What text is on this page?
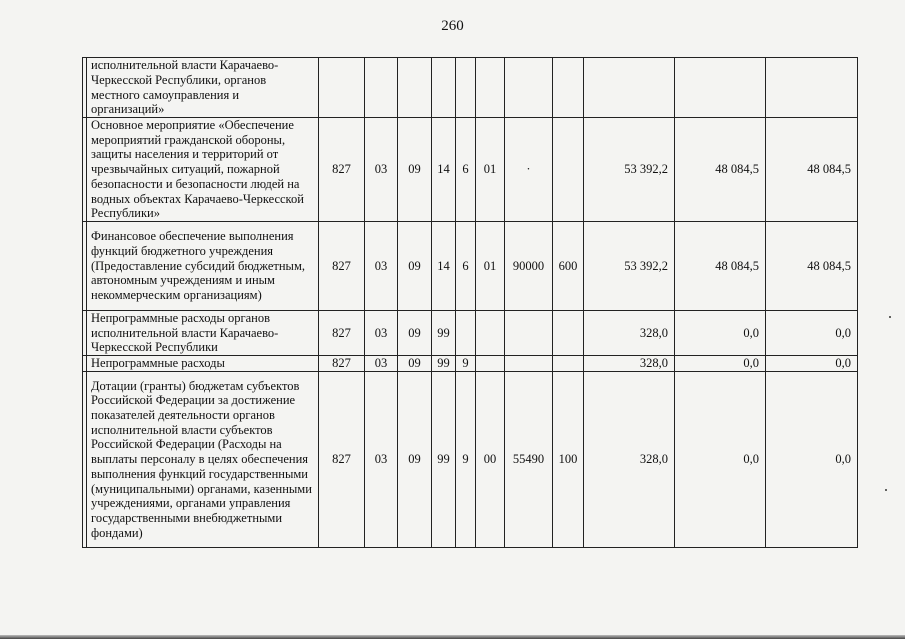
260
	исполнительной власти Карачаево-Черкесской Республики, органов местного самоуправления и организаций»											
	Основное мероприятие «Обеспечение мероприятий гражданской обороны, защиты населения и территорий от чрезвычайных ситуаций, пожарной безопасности и безопасности людей на водных объектах Карачаево-Черкесской Республики»	827	03	09	14	6	01	·		53 392,2	48 084,5	48 084,5
	Финансовое обеспечение выполнения функций бюджетного учреждения (Предоставление субсидий бюджетным, автономным учреждениям и иным некоммерческим организациям)	827	03	09	14	6	01	90000	600	53 392,2	48 084,5	48 084,5
	Непрограммные расходы органов исполнительной власти Карачаево-Черкесской Республики	827	03	09	99					328,0	0,0	0,0
	Непрограммные расходы	827	03	09	99	9				328,0	0,0	0,0
	Дотации (гранты) бюджетам субъектов Российской Федерации за достижение показателей деятельности органов исполнительной власти субъектов Российской Федерации (Расходы на выплаты персоналу в целях обеспечения выполнения функций государственными (муниципальными) органами, казенными учреждениями, органами управления государственными внебюджетными фондами)	827	03	09	99	9	00	55490	100	328,0	0,0	0,0
